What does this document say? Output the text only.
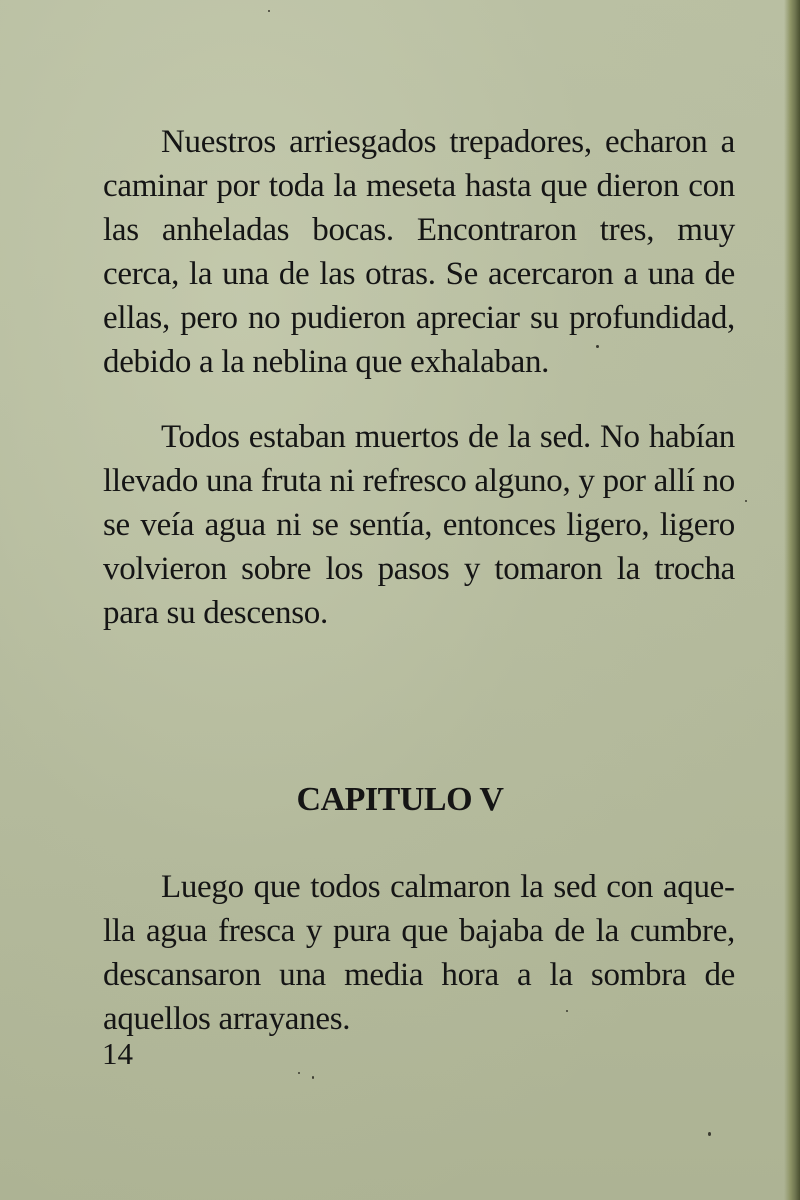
Nuestros arriesgados trepadores, echaron a caminar por toda la meseta hasta que dieron con las anheladas bocas. Encontraron tres, muy cerca, la una de las otras. Se acercaron a una de ellas, pero no pudieron apreciar su profundidad, debido a la neblina que exhalaban.

Todos estaban muertos de la sed. No habían llevado una fruta ni refresco alguno, y por allí no se veía agua ni se sentía, entonces ligero, ligero volvieron sobre los pasos y tomaron la trocha para su descenso.

CAPITULO V

Luego que todos calmaron la sed con aquella agua fresca y pura que bajaba de la cumbre, descansaron una media hora a la sombra de aquellos arrayanes.

14
